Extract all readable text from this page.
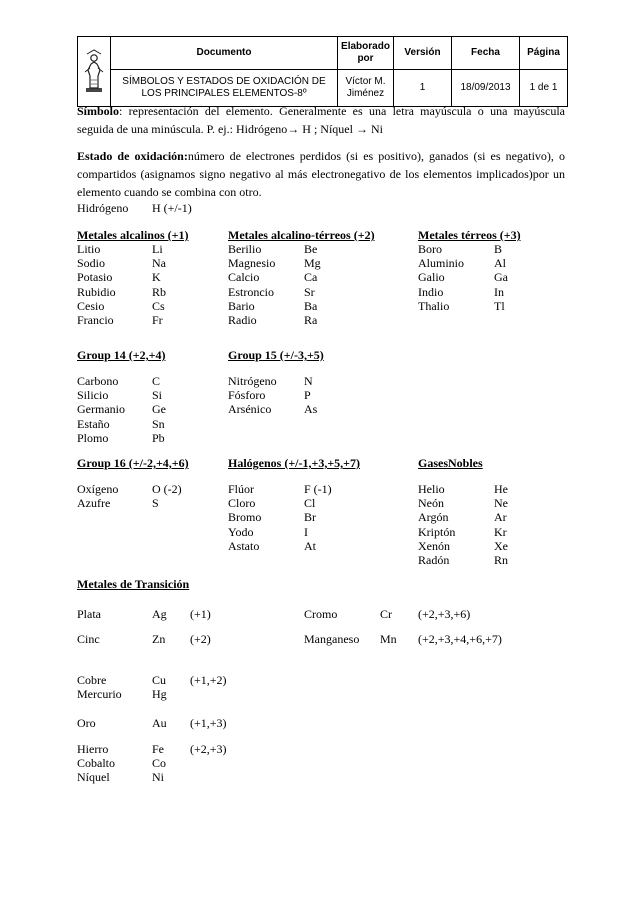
	Documento	Elaborado por	Versión	Fecha	Página
	SÍMBOLOS Y ESTADOS DE OXIDACIÓN DE LOS PRINCIPALES ELEMENTOS-8º	Víctor M. Jiménez	1	18/09/2013	1 de 1
Símbolo: representación del elemento. Generalmente es una letra mayúscula o una mayúscula seguida de una minúscula. P. ej.: Hidrógeno→ H ; Níquel → Ni
Estado de oxidación:número de electrones perdidos (si es positivo), ganados (si es negativo), o compartidos (asignamos signo negativo al más electronegativo de los elementos implicados)por un elemento cuando se combina con otro.
Hidrógeno H (+/-1)
Metales alcalinos (+1)
Litio	Li
Sodio	Na
Potasio	K
Rubidio	Rb
Cesio	Cs
Francio	Fr
Metales alcalino-térreos (+2)
Berilio	Be
Magnesio Mg
Calcio	Ca
Estroncio	Sr
Bario	Ba
Radio	Ra
Metales térreos (+3)
Boro	B
Aluminio Al
Galio	Ga
Indio	In
Thalio	Tl
Group 14 (+2,+4)
Carbono	C
Silicio	Si
Germanio Ge
Estaño	Sn
Plomo	Pb
Group 15 (+/-3,+5)
Nitrógeno N
Fósforo	P
Arsénico	As
Group 16 (+/-2,+4,+6)
Oxígeno	O (-2)
Azufre	S
Halógenos (+/-1,+3,+5,+7)
Flúor	F (-1)
Cloro	Cl
Bromo	Br
Yodo	I
Astato	At
GasesNobles
Helio	He
Neón	Ne
Argón	Ar
Kriptón	Kr
Xenón	Xe
Radón	Rn
Metales de Transición
Plata	Ag (+1)	Cromo	Cr (+2,+3,+6)
Cinc	Zn (+2)	Manganeso Mn (+2,+3,+4,+6,+7)
Cobre	Cu (+1,+2)
Mercurio	Hg
Oro	Au (+1,+3)
Hierro	Fe (+2,+3)
Cobalto	Co
Níquel	Ni
